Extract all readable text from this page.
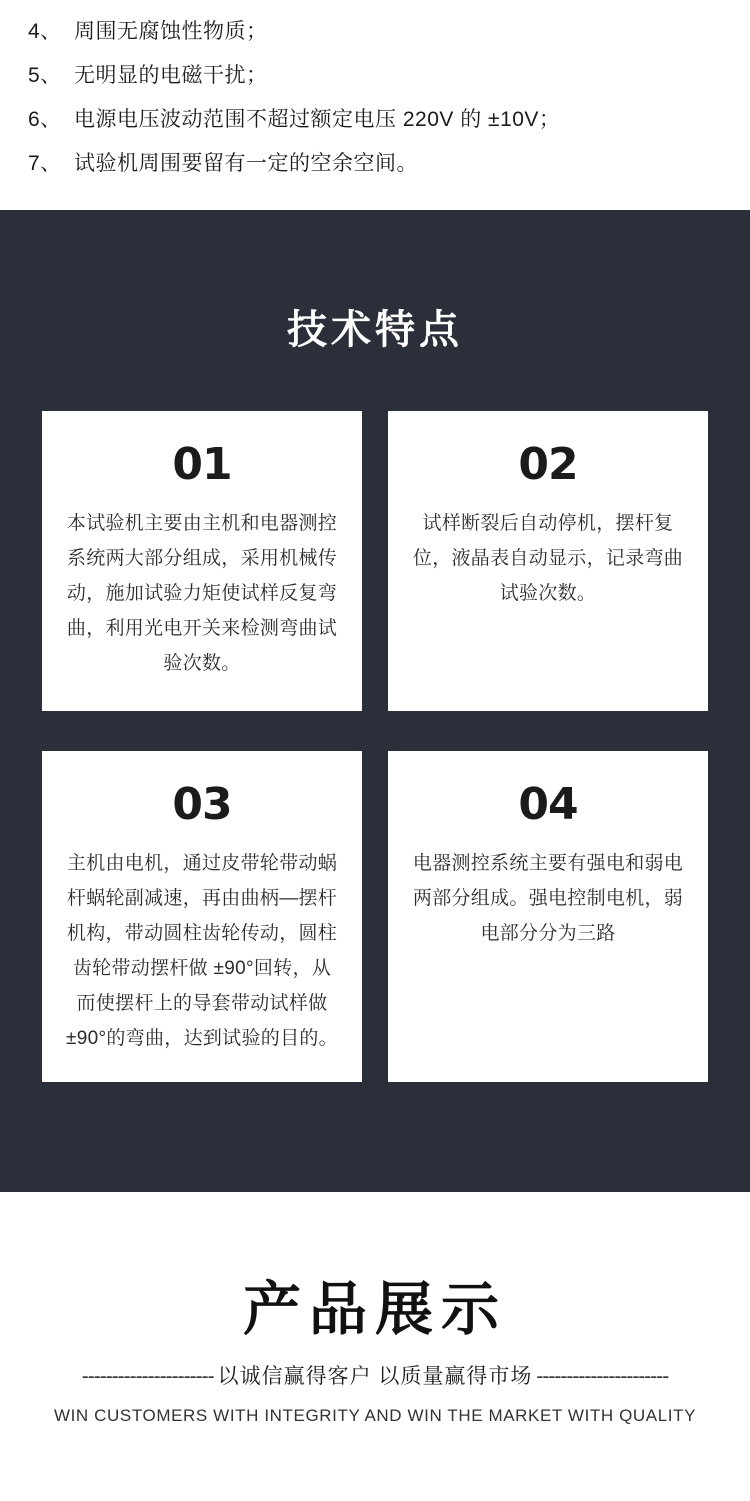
4、 周围无腐蚀性物质；
5、 无明显的电磁干扰；
6、 电源电压波动范围不超过额定电压 220V 的 ±10V；
7、 试验机周围要留有一定的空余空间。
技术特点
01
本试验机主要由主机和电器测控系统两大部分组成，采用机械传动，施加试验力矩使试样反复弯曲，利用光电开关来检测弯曲试验次数。
02
试样断裂后自动停机，摆杆复位，液晶表自动显示，记录弯曲试验次数。
03
主机由电机，通过皮带轮带动蜗杆蜗轮副减速，再由曲柄—摆杆机构，带动圆柱齿轮传动，圆柱齿轮带动摆杆做 ±90°回转，从而使摆杆上的导套带动试样做 ±90°的弯曲，达到试验的目的。
04
电器测控系统主要有强电和弱电两部分组成。强电控制电机，弱电部分分为三路
产品展示

---------------------- 以诚信赢得客户 以质量赢得市场 ----------------------

WIN CUSTOMERS WITH INTEGRITY AND WIN THE MARKET WITH QUALITY
